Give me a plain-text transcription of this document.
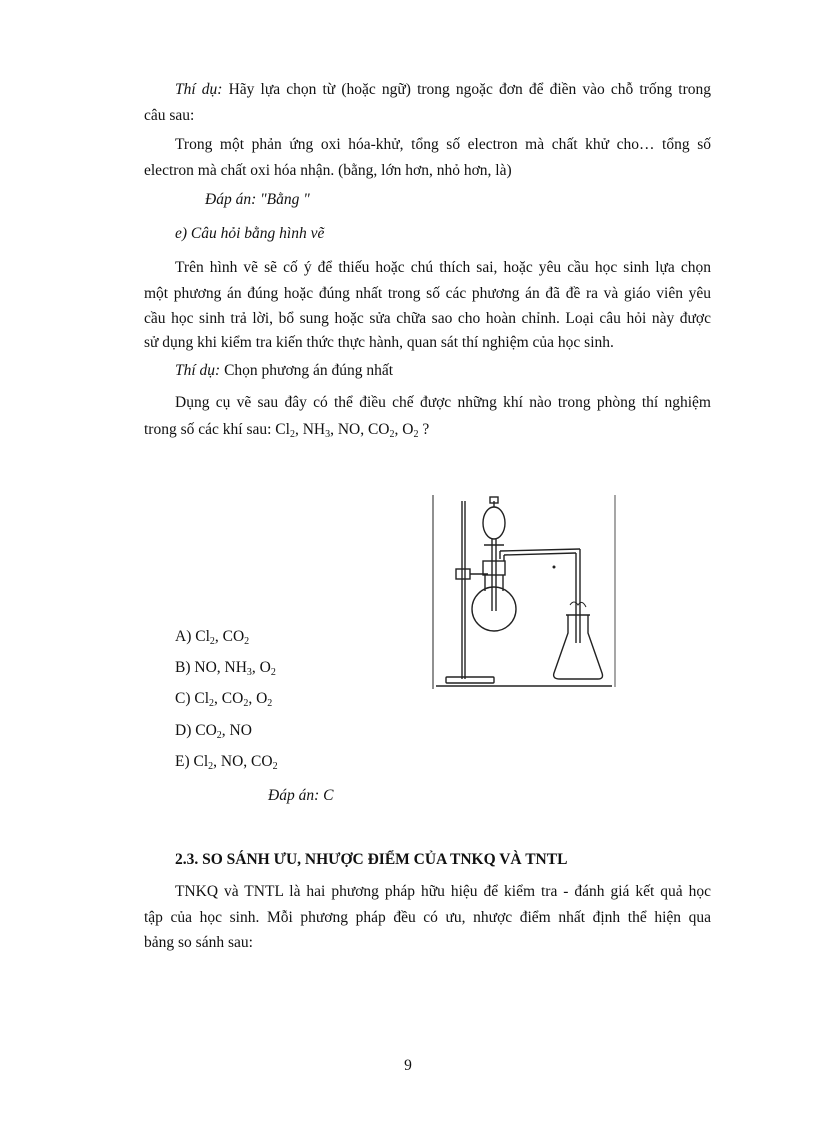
Thí dụ: Hãy lựa chọn từ (hoặc ngữ) trong ngoặc đơn để điền vào chỗ trống trong
câu sau:
Trong một phản ứng oxi hóa-khử, tổng số electron mà chất khử cho… tổng số
electron mà chất oxi hóa nhận. (bằng, lớn hơn, nhỏ hơn, là)
Đáp án: "Bằng "
e) Câu hỏi bằng hình vẽ
Trên hình vẽ sẽ cố ý để thiếu hoặc chú thích sai, hoặc yêu cầu học sinh lựa chọn
một phương án đúng hoặc đúng nhất trong số các phương án đã đề ra và giáo viên yêu
cầu học sinh trả lời, bổ sung hoặc sửa chữa sao cho hoàn chỉnh. Loại câu hỏi này được
sử dụng khi kiểm tra kiến thức thực hành, quan sát thí nghiệm của học sinh.
Thí dụ: Chọn phương án đúng nhất
Dụng cụ vẽ sau đây có thể điều chế được những khí nào trong phòng thí nghiệm
trong số các khí sau: $Cl_2$, $NH_3$, NO, $CO_2$, $O_2$ ?
A) $Cl_2$, $CO_2$
B) NO, $NH_3$, $O_2$
C) $Cl_2$, $CO_2$, $O_2$
D) $CO_2$, NO
E) $Cl_2$, NO, $CO_2$
Đáp án: C
2.3. SO SÁNH ƯU, NHƯỢC ĐIỂM CỦA TNKQ VÀ TNTL
TNKQ và TNTL là hai phương pháp hữu hiệu để kiểm tra - đánh giá kết quả học
tập của học sinh. Mỗi phương pháp đều có ưu, nhược điểm nhất định thể hiện qua
bảng so sánh sau:
9
